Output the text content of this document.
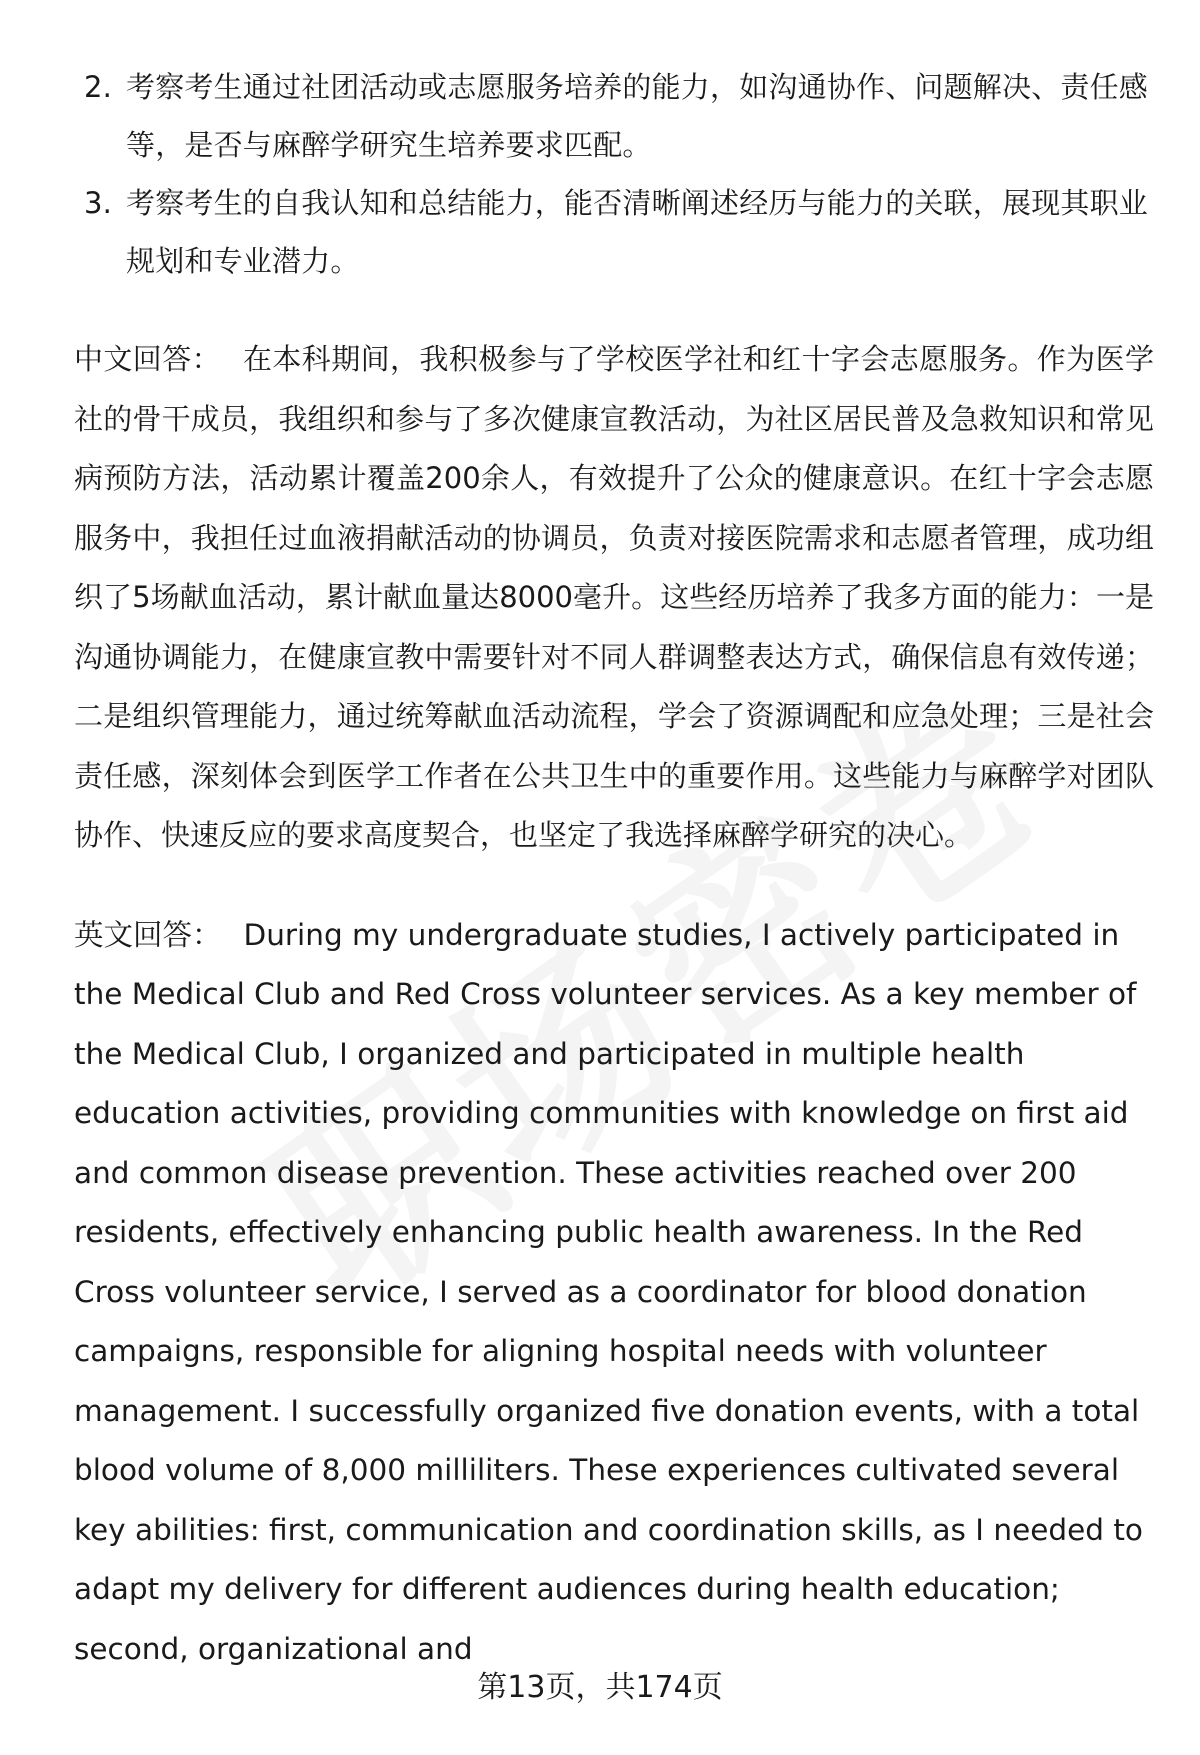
2. 考察考生通过社团活动或志愿服务培养的能力，如沟通协作、问题解决、责任感等，是否与麻醉学研究生培养要求匹配。
3. 考察考生的自我认知和总结能力，能否清晰阐述经历与能力的关联，展现其职业规划和专业潜力。

中文回答： 在本科期间，我积极参与了学校医学社和红十字会志愿服务。作为医学社的骨干成员，我组织和参与了多次健康宣教活动，为社区居民普及急救知识和常见病预防方法，活动累计覆盖200余人，有效提升了公众的健康意识。在红十字会志愿服务中，我担任过血液捐献活动的协调员，负责对接医院需求和志愿者管理，成功组织了5场献血活动，累计献血量达8000毫升。这些经历培养了我多方面的能力：一是沟通协调能力，在健康宣教中需要针对不同人群调整表达方式，确保信息有效传递；二是组织管理能力，通过统筹献血活动流程，学会了资源调配和应急处理；三是社会责任感，深刻体会到医学工作者在公共卫生中的重要作用。这些能力与麻醉学对团队协作、快速反应的要求高度契合，也坚定了我选择麻醉学研究的决心。

英文回答： During my undergraduate studies, I actively participated in the Medical Club and Red Cross volunteer services. As a key member of the Medical Club, I organized and participated in multiple health education activities, providing communities with knowledge on first aid and common disease prevention. These activities reached over 200 residents, effectively enhancing public health awareness. In the Red Cross volunteer service, I served as a coordinator for blood donation campaigns, responsible for aligning hospital needs with volunteer management. I successfully organized five donation events, with a total blood volume of 8,000 milliliters. These experiences cultivated several key abilities: first, communication and coordination skills, as I needed to adapt my delivery for different audiences during health education; second, organizational and

第13页，共174页
